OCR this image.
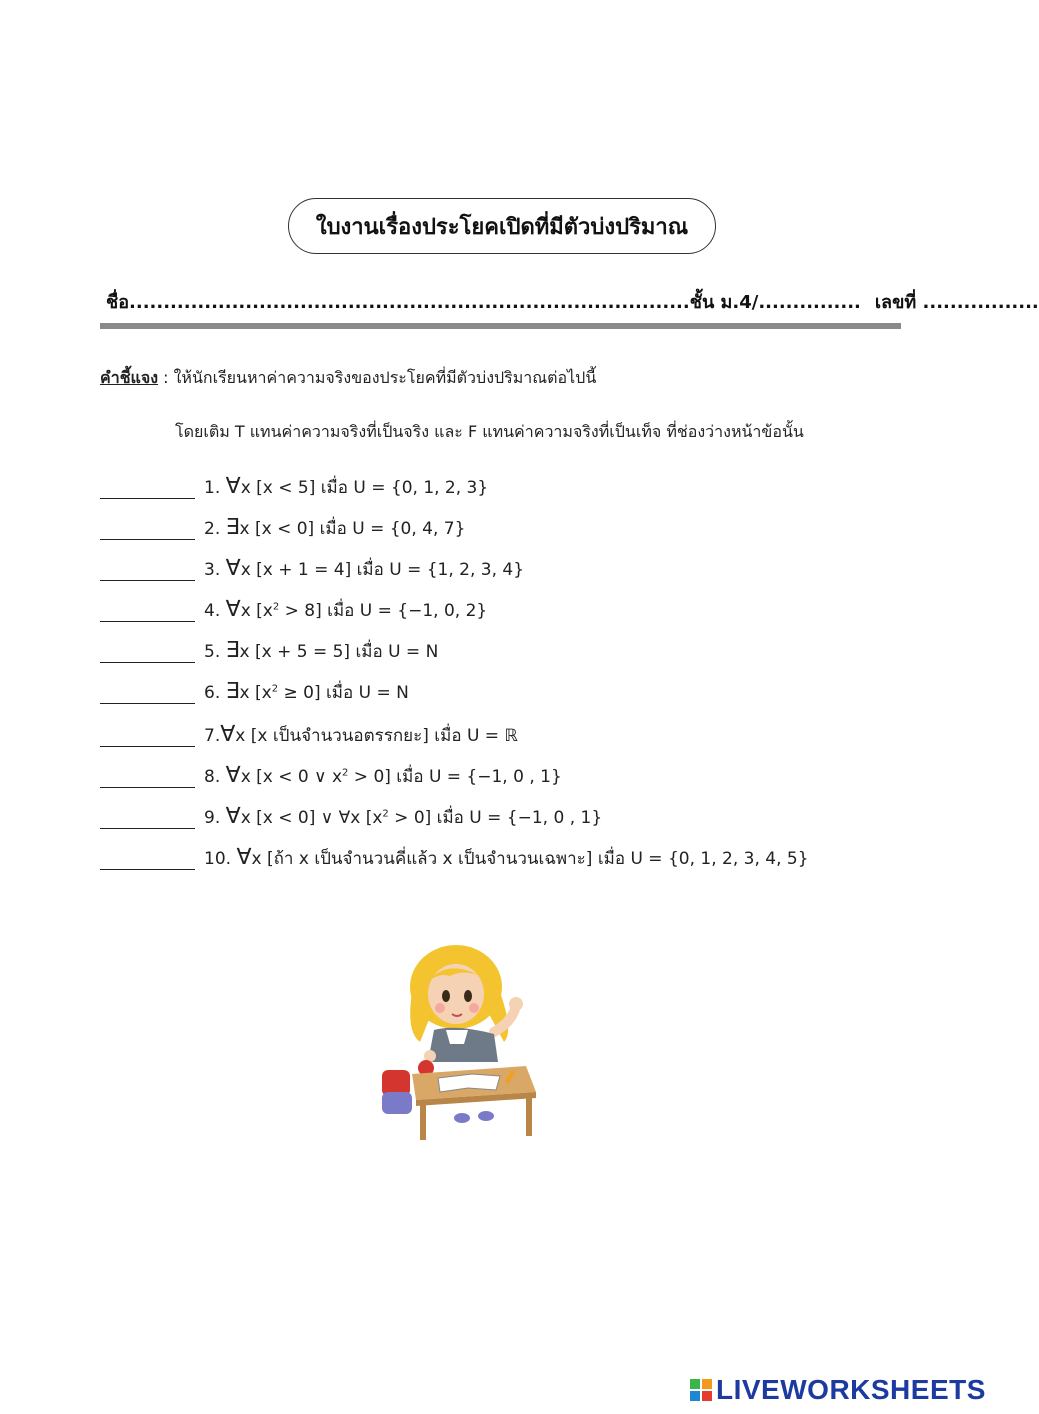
ใบงานเรื่องประโยคเปิดที่มีตัวบ่งปริมาณ
ชื่อ..................................................................................ชั้น ม.4/............... เลขที่ .................
คำชี้แจง : ให้นักเรียนหาค่าความจริงของประโยคที่มีตัวบ่งปริมาณต่อไปนี้
โดยเติม T แทนค่าความจริงที่เป็นจริง และ F แทนค่าความจริงที่เป็นเท็จ ที่ช่องว่างหน้าข้อนั้น
1. ∀x [x < 5] เมื่อ U = {0, 1, 2, 3}
2. ∃x [x < 0] เมื่อ U = {0, 4, 7}
3. ∀x [x + 1 = 4] เมื่อ U = {1, 2, 3, 4}
4. ∀x $[x^2 > 8]$ เมื่อ U = {−1, 0, 2}
5. ∃x [x + 5 = 5] เมื่อ U = N
6. ∃x $[x^2 \ge 0]$ เมื่อ U = N
7.∀x [x เป็นจำนวนอตรรกยะ] เมื่อ U = ℝ
8. ∀x [x < 0 ∨ $x^2 > 0$] เมื่อ U = {−1, 0 , 1}
9. ∀x [x < 0] ∨ ∀x $[x^2 > 0]$ เมื่อ U = {−1, 0 , 1}
10. ∀x [ถ้า x เป็นจำนวนคี่แล้ว x เป็นจำนวนเฉพาะ] เมื่อ U = {0, 1, 2, 3, 4, 5}
LIVEWORKSHEETS
